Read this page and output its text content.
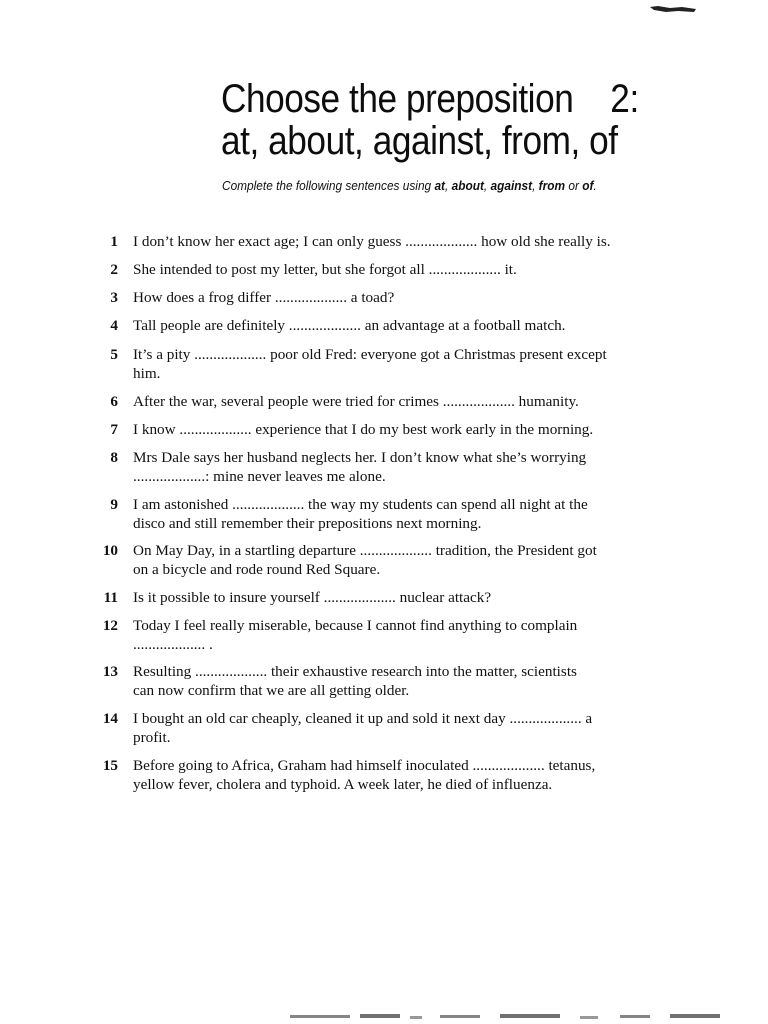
Choose the preposition 2:
at, about, against, from, of
Complete the following sentences using at, about, against, from or of.
1 I don’t know her exact age; I can only guess ................... how old she really is.
2 She intended to post my letter, but she forgot all ................... it.
3 How does a frog differ ................... a toad?
4 Tall people are definitely ................... an advantage at a football match.
5 It’s a pity ................... poor old Fred: everyone got a Christmas present except
him.
6 After the war, several people were tried for crimes ................... humanity.
7 I know ................... experience that I do my best work early in the morning.
8 Mrs Dale says her husband neglects her. I don’t know what she’s worrying
...................: mine never leaves me alone.
9 I am astonished ................... the way my students can spend all night at the
disco and still remember their prepositions next morning.
10 On May Day, in a startling departure ................... tradition, the President got
on a bicycle and rode round Red Square.
11 Is it possible to insure yourself ................... nuclear attack?
12 Today I feel really miserable, because I cannot find anything to complain
................... .
13 Resulting ................... their exhaustive research into the matter, scientists
can now confirm that we are all getting older.
14 I bought an old car cheaply, cleaned it up and sold it next day ................... a
profit.
15 Before going to Africa, Graham had himself inoculated ................... tetanus,
yellow fever, cholera and typhoid. A week later, he died of influenza.
